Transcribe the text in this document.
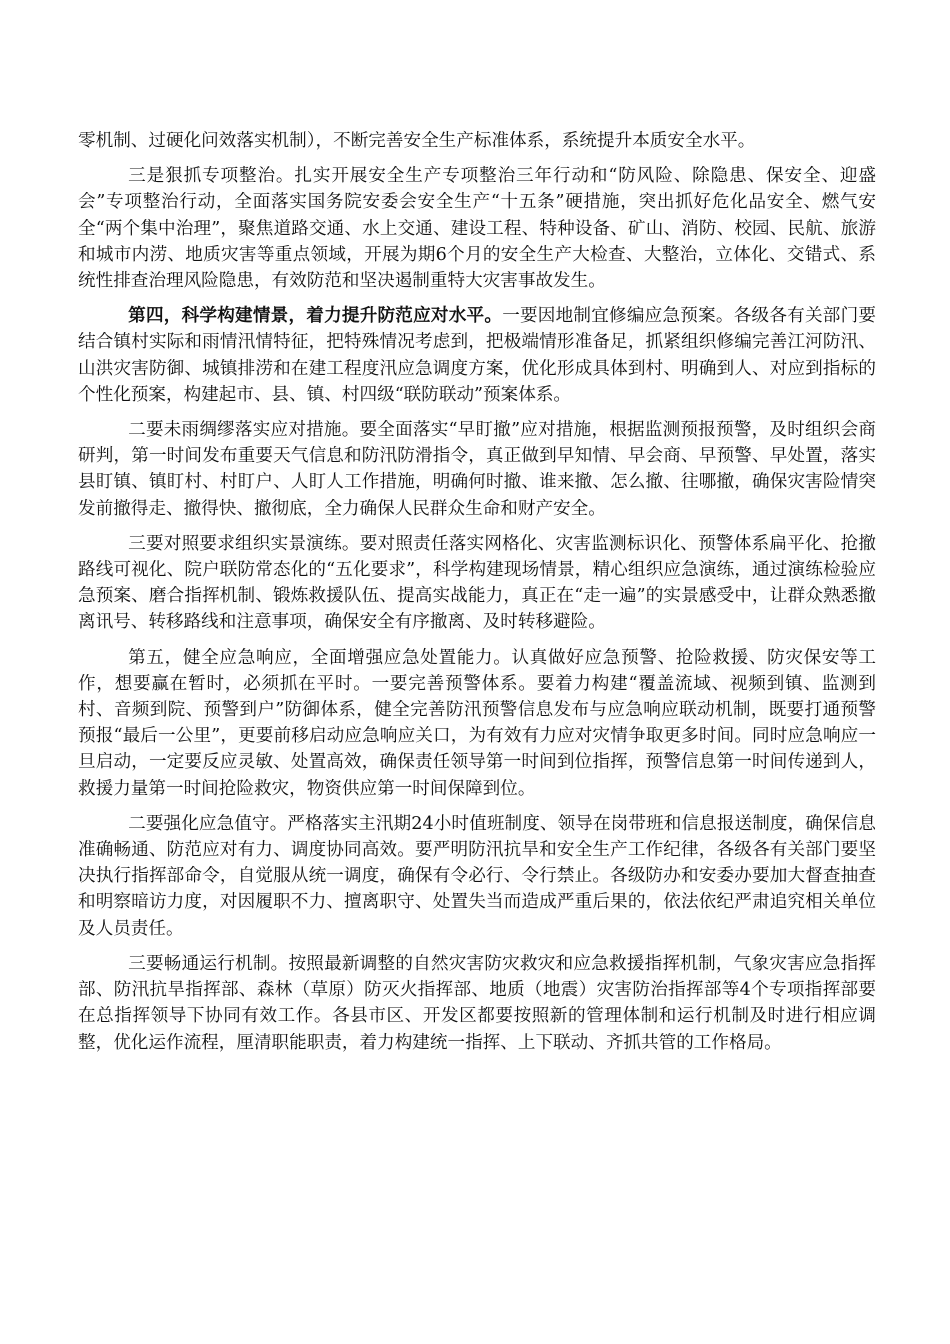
零机制、过硬化问效落实机制），不断完善安全生产标准体系，系统提升本质安全水平。

三是狠抓专项整治。扎实开展安全生产专项整治三年行动和“防风险、除隐患、保安全、迎盛会”专项整治行动，全面落实国务院安委会安全生产“十五条”硬措施，突出抓好危化品安全、燃气安全“两个集中治理”，聚焦道路交通、水上交通、建设工程、特种设备、矿山、消防、校园、民航、旅游和城市内涝、地质灾害等重点领域，开展为期6个月的安全生产大检查、大整治，立体化、交错式、系统性排查治理风险隐患，有效防范和坚决遏制重特大灾害事故发生。

第四，科学构建情景，着力提升防范应对水平。一要因地制宜修编应急预案。各级各有关部门要结合镇村实际和雨情汛情特征，把特殊情况考虑到，把极端情形准备足，抓紧组织修编完善江河防汛、山洪灾害防御、城镇排涝和在建工程度汛应急调度方案，优化形成具体到村、明确到人、对应到指标的个性化预案，构建起市、县、镇、村四级“联防联动”预案体系。

二要未雨绸缪落实应对措施。要全面落实“早盯撤”应对措施，根据监测预报预警，及时组织会商研判，第一时间发布重要天气信息和防汛防滑指令，真正做到早知情、早会商、早预警、早处置，落实县盯镇、镇盯村、村盯户、人盯人工作措施，明确何时撤、谁来撤、怎么撤、往哪撤，确保灾害险情突发前撤得走、撤得快、撤彻底，全力确保人民群众生命和财产安全。

三要对照要求组织实景演练。要对照责任落实网格化、灾害监测标识化、预警体系扁平化、抢撤路线可视化、院户联防常态化的“五化要求”，科学构建现场情景，精心组织应急演练，通过演练检验应急预案、磨合指挥机制、锻炼救援队伍、提高实战能力，真正在“走一遍”的实景感受中，让群众熟悉撤离讯号、转移路线和注意事项，确保安全有序撤离、及时转移避险。

第五，健全应急响应，全面增强应急处置能力。认真做好应急预警、抢险救援、防灾保安等工作，想要赢在暂时，必须抓在平时。一要完善预警体系。要着力构建“覆盖流域、视频到镇、监测到村、音频到院、预警到户”防御体系，健全完善防汛预警信息发布与应急响应联动机制，既要打通预警预报“最后一公里”，更要前移启动应急响应关口，为有效有力应对灾情争取更多时间。同时应急响应一旦启动，一定要反应灵敏、处置高效，确保责任领导第一时间到位指挥，预警信息第一时间传递到人，救援力量第一时间抢险救灾，物资供应第一时间保障到位。

二要强化应急值守。严格落实主汛期24小时值班制度、领导在岗带班和信息报送制度，确保信息准确畅通、防范应对有力、调度协同高效。要严明防汛抗旱和安全生产工作纪律，各级各有关部门要坚决执行指挥部命令，自觉服从统一调度，确保有令必行、令行禁止。各级防办和安委办要加大督查抽查和明察暗访力度，对因履职不力、擅离职守、处置失当而造成严重后果的，依法依纪严肃追究相关单位及人员责任。

三要畅通运行机制。按照最新调整的自然灾害防灾救灾和应急救援指挥机制，气象灾害应急指挥部、防汛抗旱指挥部、森林（草原）防灭火指挥部、地质（地震）灾害防治指挥部等4个专项指挥部要在总指挥领导下协同有效工作。各县市区、开发区都要按照新的管理体制和运行机制及时进行相应调整，优化运作流程，厘清职能职责，着力构建统一指挥、上下联动、齐抓共管的工作格局。
